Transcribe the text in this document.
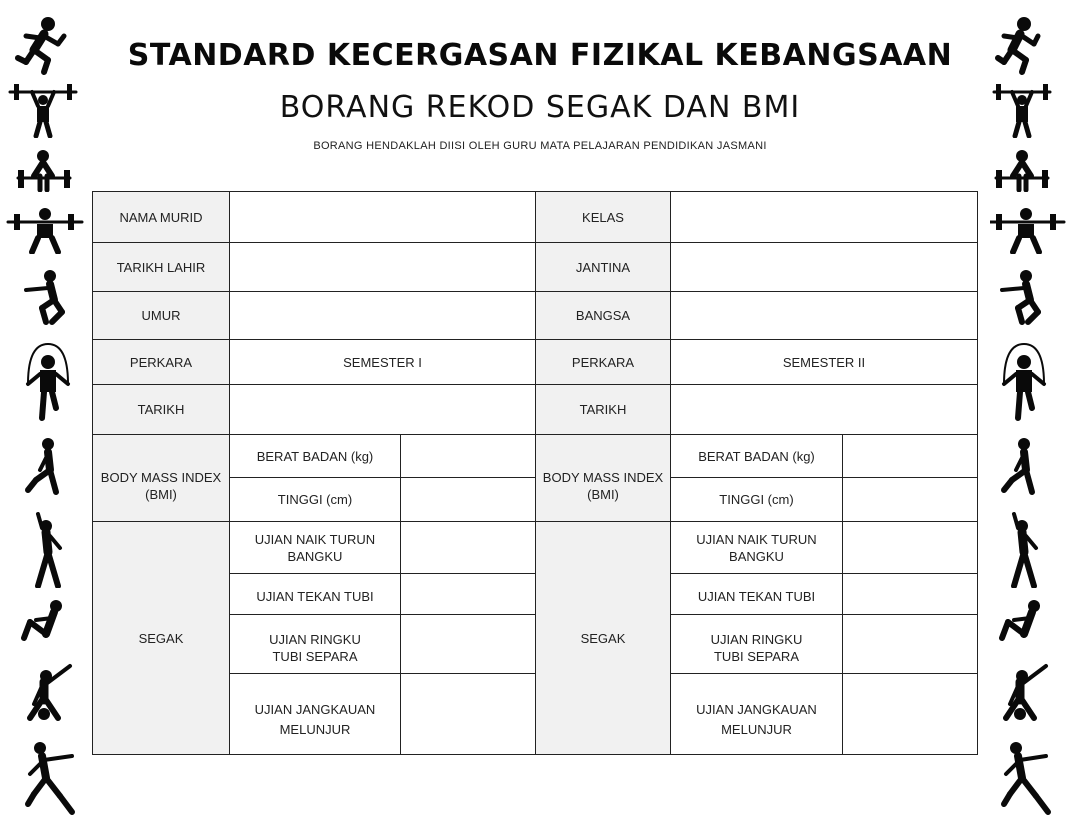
STANDARD KECERGASAN FIZIKAL KEBANGSAAN
BORANG REKOD SEGAK DAN BMI
BORANG HENDAKLAH DIISI OLEH GURU MATA PELAJARAN PENDIDIKAN JASMANI
NAMA MURID			KELAS		
TARIKH LAHIR			JANTINA		
UMUR			BANGSA		
PERKARA	SEMESTER I		PERKARA	SEMESTER II	
TARIKH			TARIKH		
BODY MASS INDEX (BMI)	BERAT BADAN (kg)		BODY MASS INDEX (BMI)	BERAT BADAN (kg)	
	TINGGI (cm)			TINGGI (cm)	
SEGAK	UJIAN NAIK TURUN BANGKU		SEGAK	UJIAN NAIK TURUN BANGKU	
	UJIAN TEKAN TUBI			UJIAN TEKAN TUBI	
	UJIAN RINGKU TUBI SEPARA			UJIAN RINGKU TUBI SEPARA	
	UJIAN JANGKAUAN MELUNJUR			UJIAN JANGKAUAN MELUNJUR	
